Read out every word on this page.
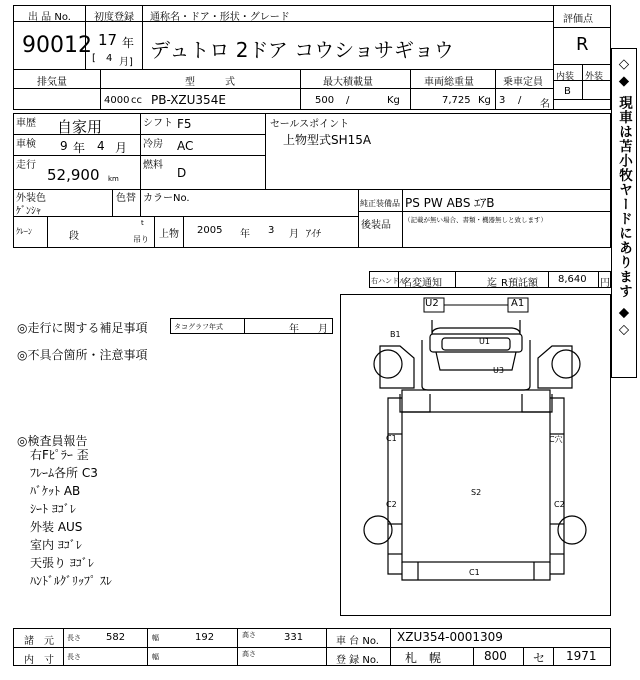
出 品 No.
90012
初度登録
17 年
[ 4 月]
通称名・ドア・形状・グレード
デュトロ 2ドア コウショサギョウ
評価点
R
内装 外装
B
排気量
4000 cc
型　　　式
PB-XZU354E
最大積載量
500 /	Kg
車両総重量
7,725 Kg
乗車定員
3 / 名
車歴 自家用
車検 9 年 4 月
走行
52,900 km
シフト F5
冷房 AC
燃料
D
外装色
ｹﾞﾝｼｬ
色替 カラーNo.
セールスポイント
上物型式SH15A
ｸﾚｰﾝ	段
t
吊り 上物 2005 年 3 月 ｱｲﾁ
純正装備品 PS PW ABS ｴｱB
後装品 （記載が無い場合、書類・機器無しと致します）
右ハンドル
名変通知	迄 R預託額 8,640 円
◎走行に関する補足事項	タコグラフ年式	年 月
◎不具合箇所・注意事項
◎検査員報告
右Fﾋﾟﾗｰ 歪
ﾌﾚｰﾑ各所 C3
ﾊﾞｹｯﾄ AB
ｼｰﾄ ﾖｺﾞﾚ
外装 AUS
室内 ﾖｺﾞﾚ
天張り ﾖｺﾞﾚ
ﾊﾝﾄﾞﾙｸﾞﾘｯﾌﾟ ｽﾚ
◇◆ 現車は苫小牧ヤードにあります ◆◇
U2	A1
U1
B1
U3
C1	C穴
C2	C2
S2
C1
諸　元 長さ	582	幅	192	高さ	331
内　寸 長さ	幅	高さ
車 台 No. XZU354-0001309
登 録 No. 札　幌	800 セ 1971
